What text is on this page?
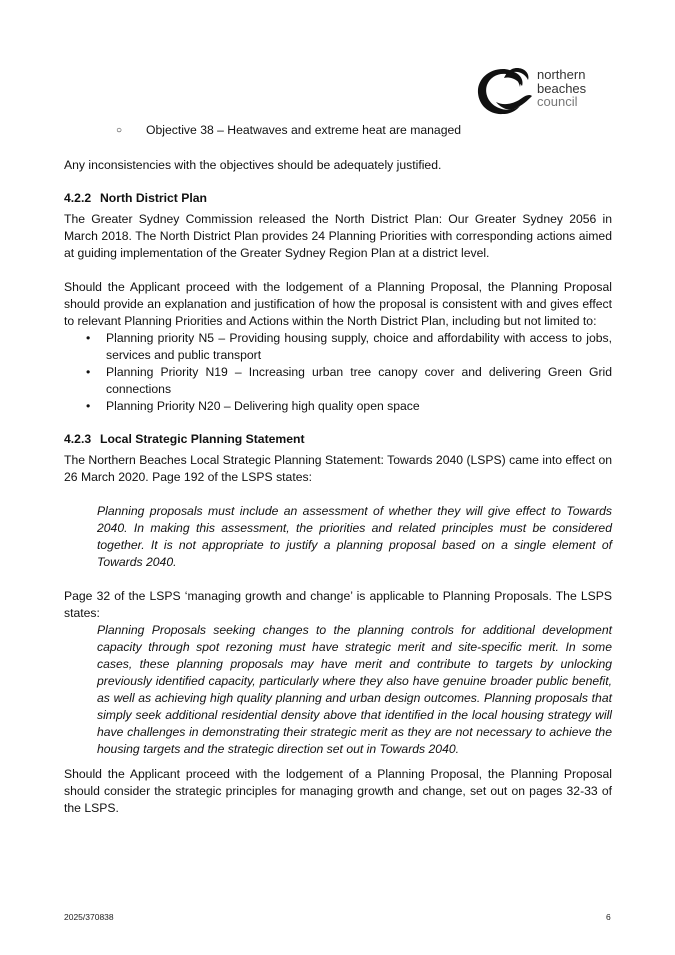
northern
beaches
council
○ Objective 38 – Heatwaves and extreme heat are managed

Any inconsistencies with the objectives should be adequately justified.

4.2.2 North District Plan

The Greater Sydney Commission released the North District Plan: Our Greater Sydney 2056 in March 2018. The North District Plan provides 24 Planning Priorities with corresponding actions aimed at guiding implementation of the Greater Sydney Region Plan at a district level.

Should the Applicant proceed with the lodgement of a Planning Proposal, the Planning Proposal should provide an explanation and justification of how the proposal is consistent with and gives effect to relevant Planning Priorities and Actions within the North District Plan, including but not limited to:

• Planning priority N5 – Providing housing supply, choice and affordability with access to jobs, services and public transport
• Planning Priority N19 – Increasing urban tree canopy cover and delivering Green Grid connections
• Planning Priority N20 – Delivering high quality open space
4.2.3 Local Strategic Planning Statement

The Northern Beaches Local Strategic Planning Statement: Towards 2040 (LSPS) came into effect on 26 March 2020. Page 192 of the LSPS states:

Planning proposals must include an assessment of whether they will give effect to Towards 2040. In making this assessment, the priorities and related principles must be considered together. It is not appropriate to justify a planning proposal based on a single element of Towards 2040.

Page 32 of the LSPS ‘managing growth and change’ is applicable to Planning Proposals. The LSPS states:

Planning Proposals seeking changes to the planning controls for additional development capacity through spot rezoning must have strategic merit and site-specific merit. In some cases, these planning proposals may have merit and contribute to targets by unlocking previously identified capacity, particularly where they also have genuine broader public benefit, as well as achieving high quality planning and urban design outcomes. Planning proposals that simply seek additional residential density above that identified in the local housing strategy will have challenges in demonstrating their strategic merit as they are not necessary to achieve the housing targets and the strategic direction set out in Towards 2040.

Should the Applicant proceed with the lodgement of a Planning Proposal, the Planning Proposal should consider the strategic principles for managing growth and change, set out on pages 32-33 of the LSPS.

2025/370838	6
